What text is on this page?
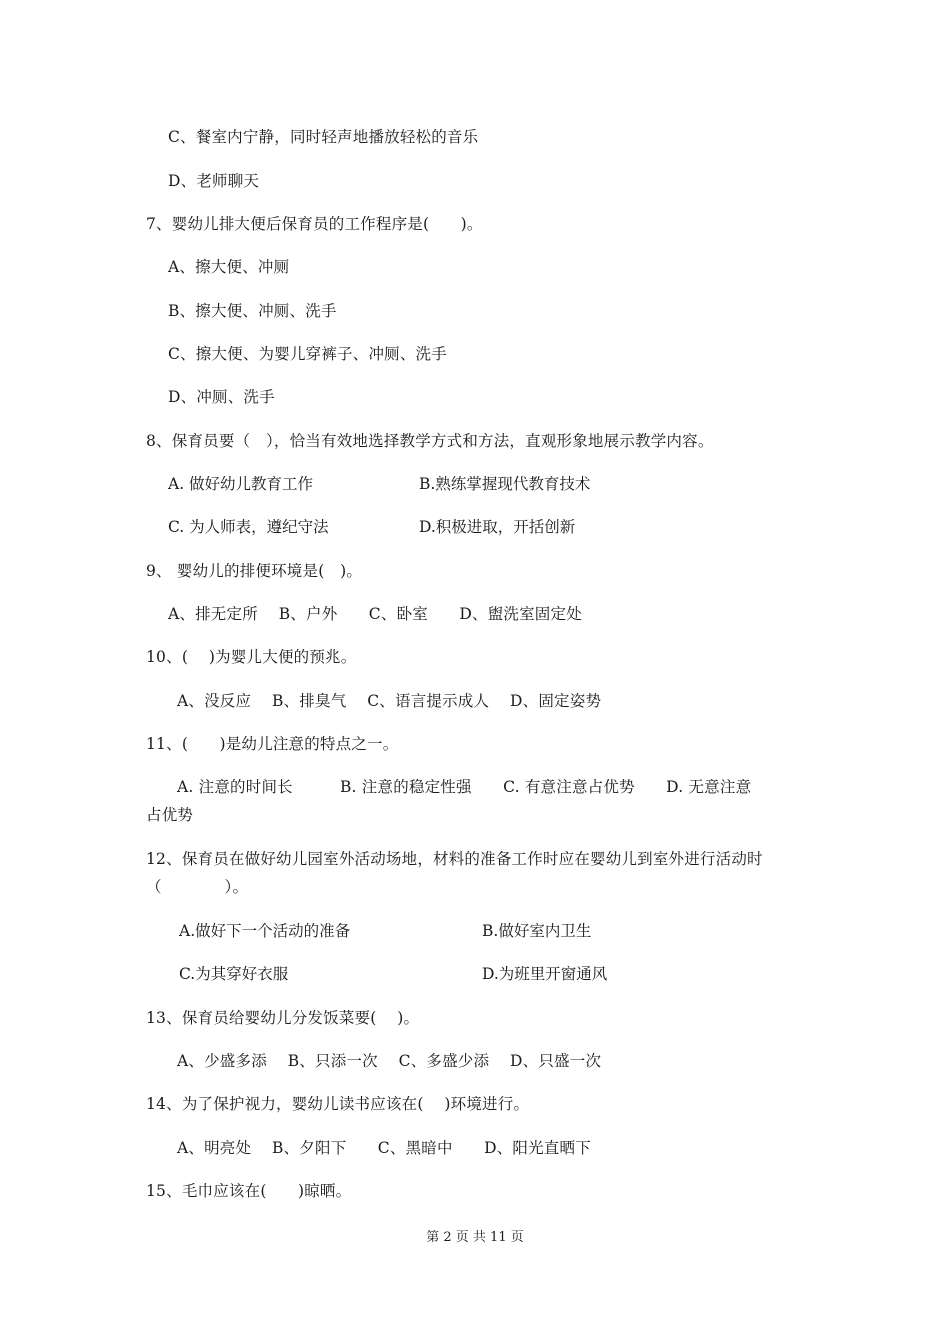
C、餐室内宁静，同时轻声地播放轻松的音乐
D、老师聊天
7、婴幼儿排大便后保育员的工作程序是(　　)。
A、擦大便、冲厕
B、擦大便、冲厕、洗手
C、擦大便、为婴儿穿裤子、冲厕、洗手
D、冲厕、洗手
8、保育员要（　），恰当有效地选择教学方式和方法，直观形象地展示教学内容。
A. 做好幼儿教育工作	B.熟练掌握现代教育技术
C. 为人师表，遵纪守法	D.积极进取，开括创新
9、 婴幼儿的排便环境是(　)。
A、排无定所　 B、户外　　C、卧室　　D、盥洗室固定处
10、(　 )为婴儿大便的预兆。
A、没反应　 B、排臭气　 C、语言提示成人　 D、固定姿势
11、(　　)是幼儿注意的特点之一。
A. 注意的时间长　　　B. 注意的稳定性强　　C. 有意注意占优势　　D. 无意注意
占优势
12、保育员在做好幼儿园室外活动场地，材料的准备工作时应在婴幼儿到室外进行活动时
（　　　　）。
A.做好下一个活动的准备	B.做好室内卫生
C.为其穿好衣服	D.为班里开窗通风
13、保育员给婴幼儿分发饭菜要(　 )。
A、少盛多添　 B、只添一次　 C、多盛少添　 D、只盛一次
14、为了保护视力，婴幼儿读书应该在(　 )环境进行。
A、明亮处　 B、夕阳下　　C、黑暗中　　D、阳光直晒下
15、毛巾应该在(　　)晾晒。
第 2 页 共 11 页
